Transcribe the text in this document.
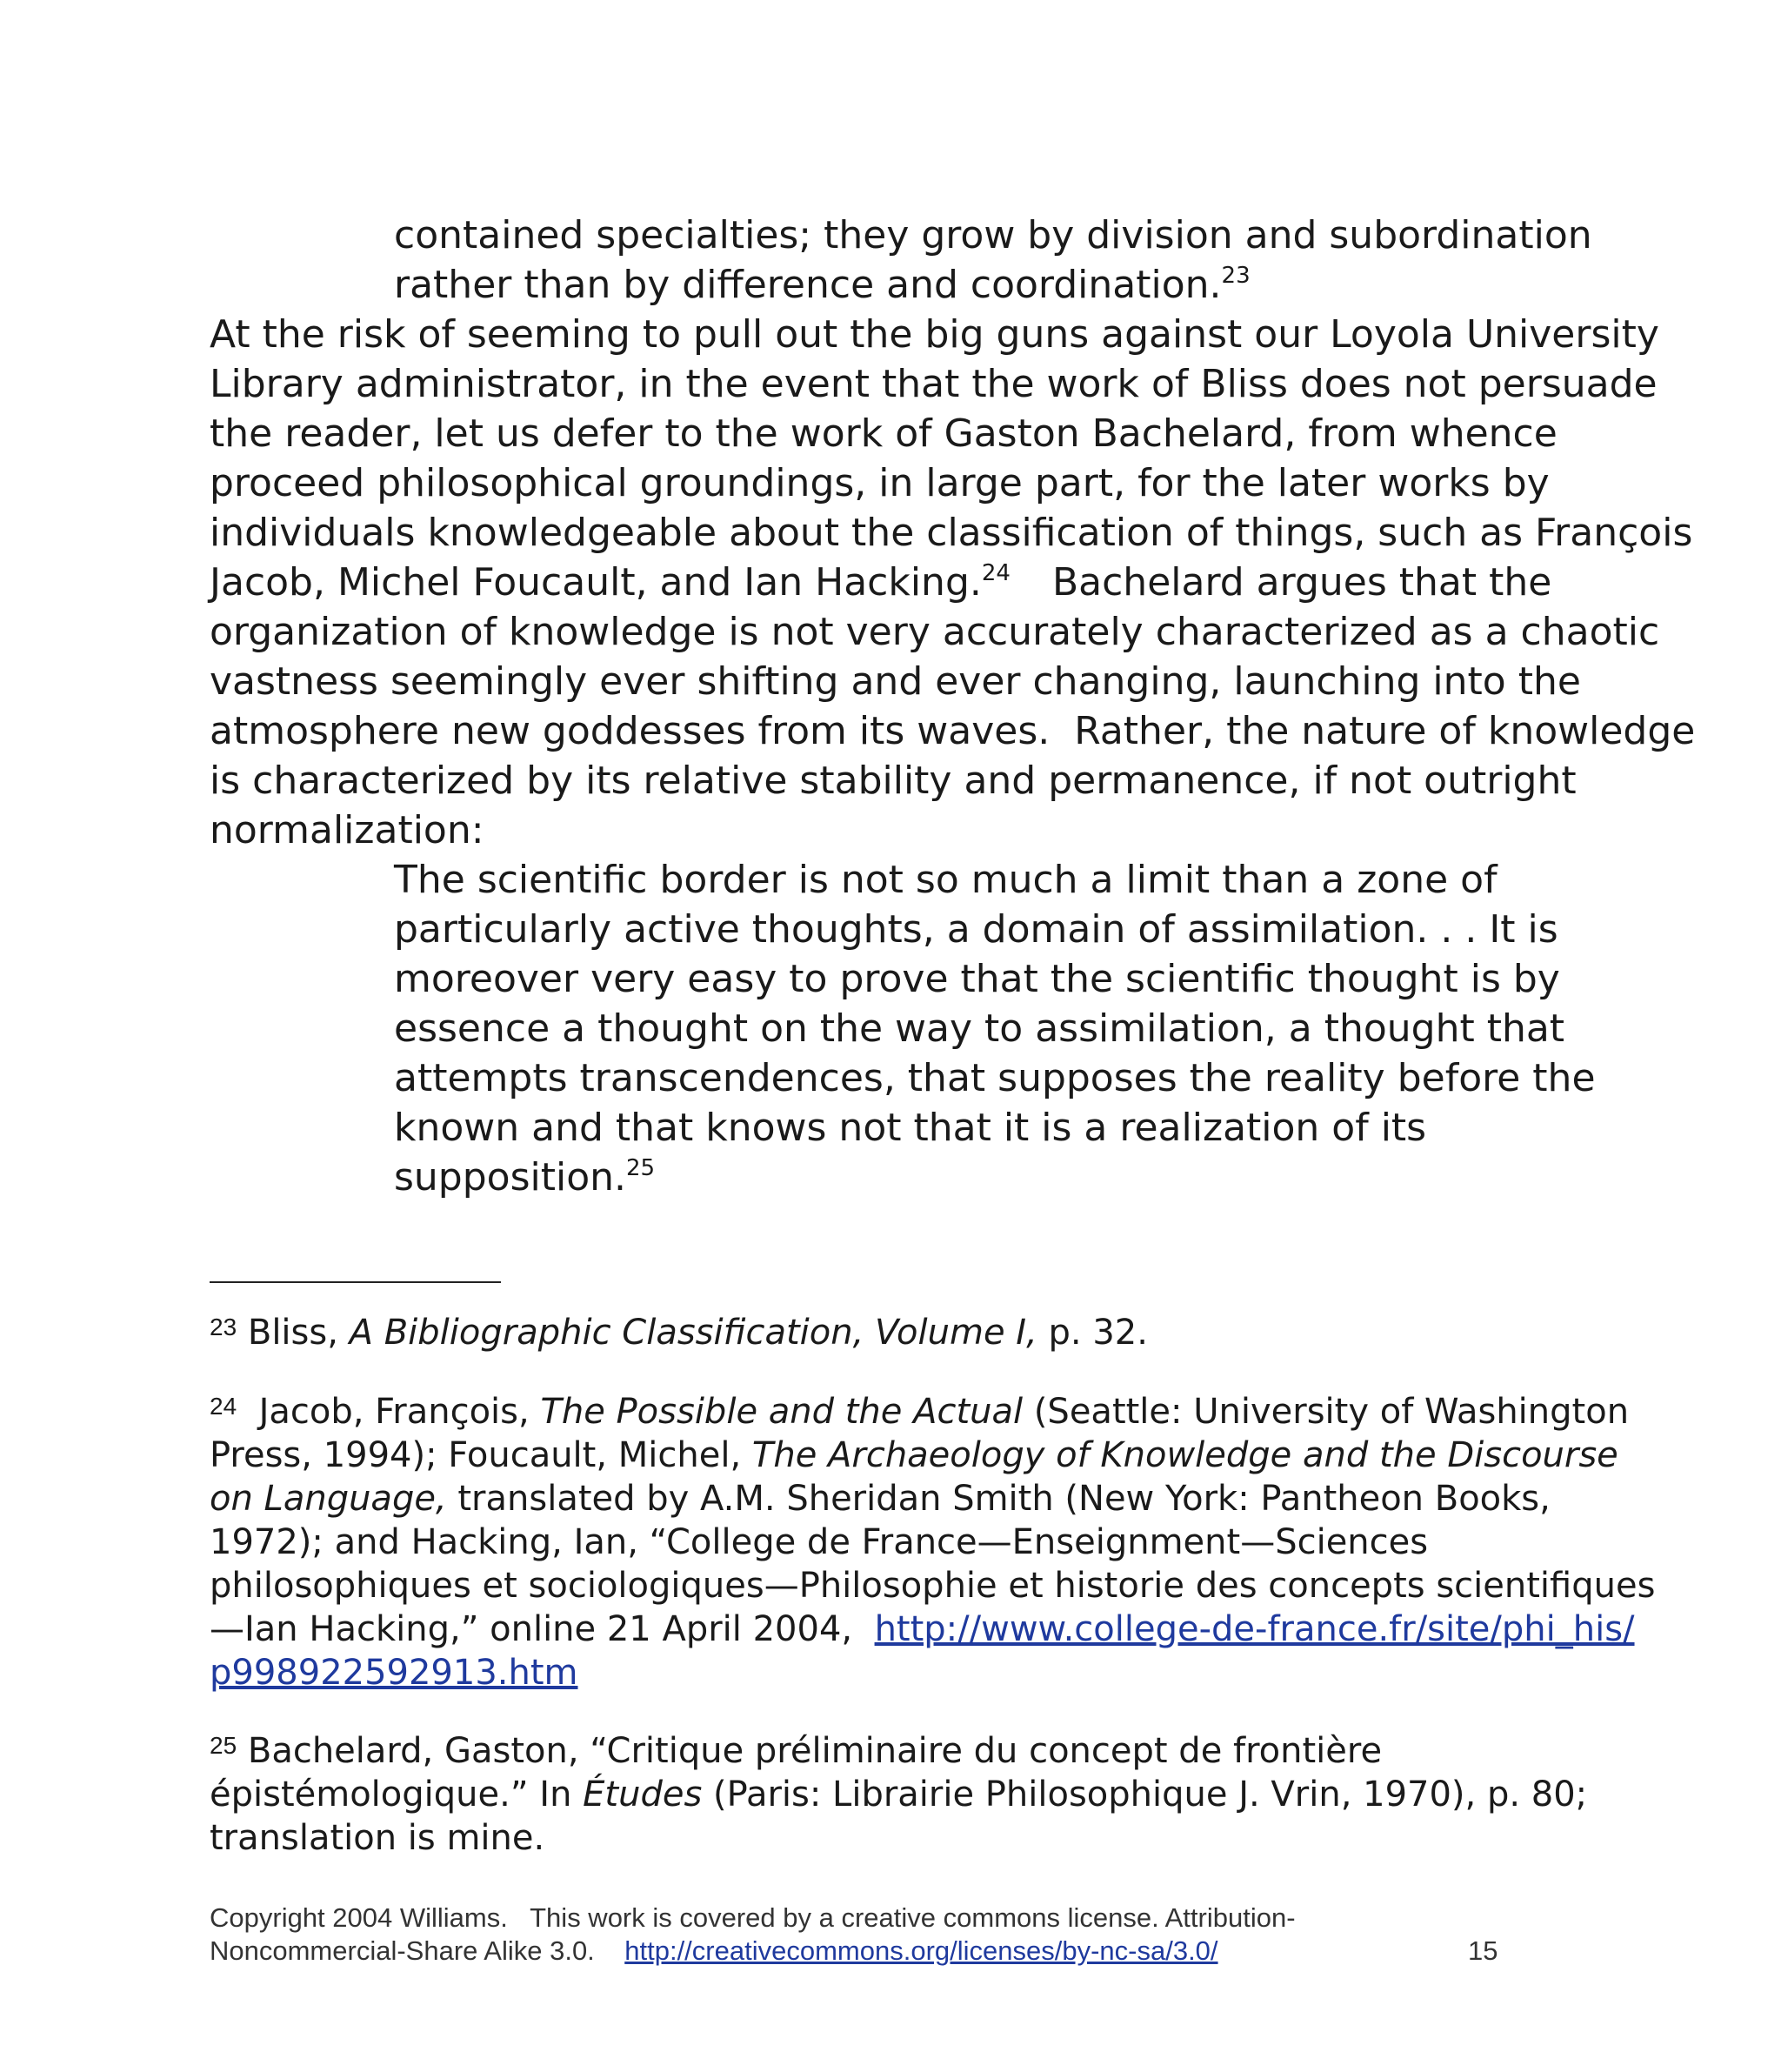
contained specialties; they grow by division and subordination
rather than by difference and coordination.$^{23}$
At the risk of seeming to pull out the big guns against our Loyola University
Library administrator, in the event that the work of Bliss does not persuade
the reader, let us defer to the work of Gaston Bachelard, from whence
proceed philosophical groundings, in large part, for the later works by
individuals knowledgeable about the classification of things, such as François
Jacob, Michel Foucault, and Ian Hacking.$^{24}$ Bachelard argues that the
organization of knowledge is not very accurately characterized as a chaotic
vastness seemingly ever shifting and ever changing, launching into the
atmosphere new goddesses from its waves.  Rather, the nature of knowledge
is characterized by its relative stability and permanence, if not outright
normalization:
The scientific border is not so much a limit than a zone of
particularly active thoughts, a domain of assimilation. . . It is
moreover very easy to prove that the scientific thought is by
essence a thought on the way to assimilation, a thought that
attempts transcendences, that supposes the reality before the
known and that knows not that it is a realization of its
supposition.$^{25}$
$^{23}$ Bliss, A Bibliographic Classification, Volume I, p. 32.
$^{24}$  Jacob, François, The Possible and the Actual (Seattle: University of Washington
Press, 1994); Foucault, Michel, The Archaeology of Knowledge and the Discourse
on Language, translated by A.M. Sheridan Smith (New York: Pantheon Books,
1972); and Hacking, Ian, “College de France—Enseignment—Sciences
philosophiques et sociologiques—Philosophie et historie des concepts scientifiques
—Ian Hacking,” online 21 April 2004,  http://www.college-de-france.fr/site/phi_his/
p998922592913.htm
$^{25}$ Bachelard, Gaston, “Critique préliminaire du concept de frontière
épistémologique.” In Études (Paris: Librairie Philosophique J. Vrin, 1970), p. 80;
translation is mine.
Copyright 2004 Williams.   This work is covered by a creative commons license. Attribution-
Noncommercial-Share Alike 3.0.    http://creativecommons.org/licenses/by-nc-sa/3.0/	15
